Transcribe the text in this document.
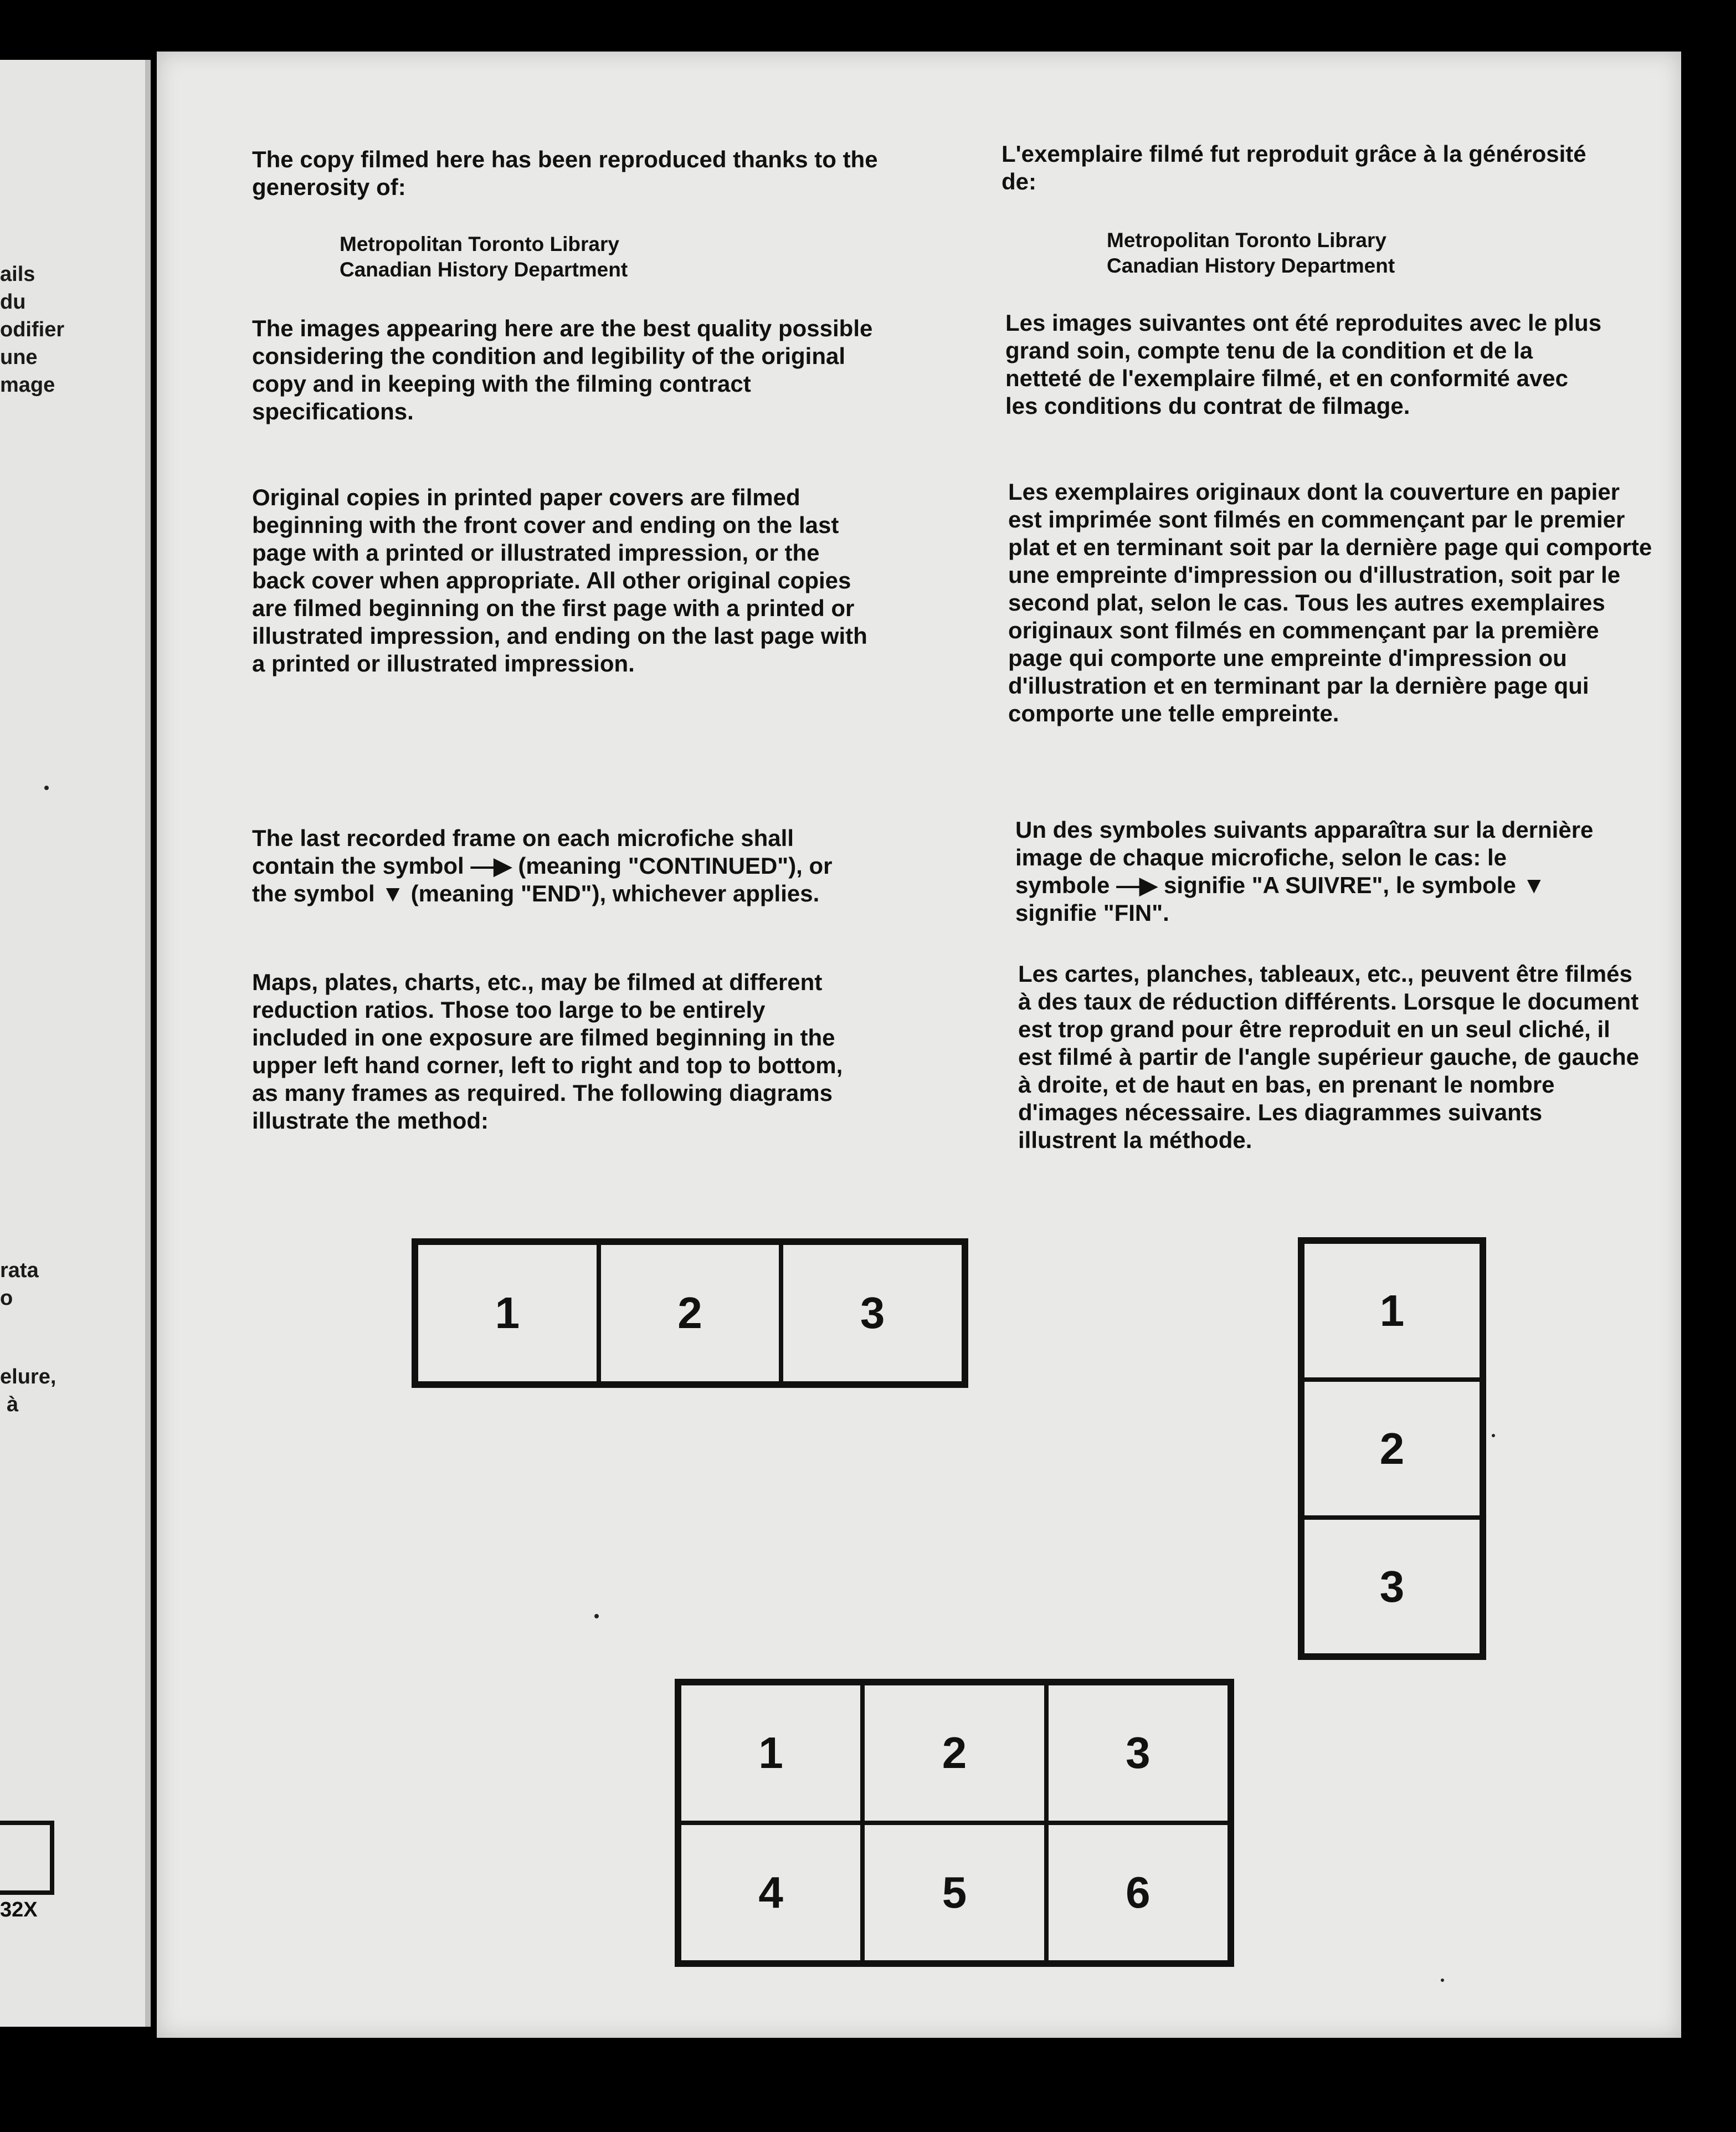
ails
du
odifier
une
mage
rata
o
elure,
à
32X

The copy filmed here has been reproduced thanks to the generosity of:

Metropolitan Toronto Library

Canadian History Department

The images appearing here are the best quality possible considering the condition and legibility of the original copy and in keeping with the filming contract specifications.

Original copies in printed paper covers are filmed beginning with the front cover and ending on the last page with a printed or illustrated impression, or the back cover when appropriate. All other original copies are filmed beginning on the first page with a printed or illustrated impression, and ending on the last page with a printed or illustrated impression.

The last recorded frame on each microfiche shall contain the symbol —▶ (meaning "CONTINUED"), or the symbol ▼ (meaning "END"), whichever applies.

Maps, plates, charts, etc., may be filmed at different reduction ratios. Those too large to be entirely included in one exposure are filmed beginning in the upper left hand corner, left to right and top to bottom, as many frames as required. The following diagrams illustrate the method:

L'exemplaire filmé fut reproduit grâce à la générosité de:

Metropolitan Toronto Library

Canadian History Department

Les images suivantes ont été reproduites avec le plus grand soin, compte tenu de la condition et de la netteté de l'exemplaire filmé, et en conformité avec les conditions du contrat de filmage.

Les exemplaires originaux dont la couverture en papier est imprimée sont filmés en commençant par le premier plat et en terminant soit par la dernière page qui comporte une empreinte d'impression ou d'illustration, soit par le second plat, selon le cas. Tous les autres exemplaires originaux sont filmés en commençant par la première page qui comporte une empreinte d'impression ou d'illustration et en terminant par la dernière page qui comporte une telle empreinte.

Un des symboles suivants apparaîtra sur la dernière image de chaque microfiche, selon le cas: le symbole —▶ signifie "A SUIVRE", le symbole ▼ signifie "FIN".

Les cartes, planches, tableaux, etc., peuvent être filmés à des taux de réduction différents. Lorsque le document est trop grand pour être reproduit en un seul cliché, il est filmé à partir de l'angle supérieur gauche, de gauche à droite, et de haut en bas, en prenant le nombre d'images nécessaire. Les diagrammes suivants illustrent la méthode.

1	2	3	1
2
3
1	2	3
4	5	6
